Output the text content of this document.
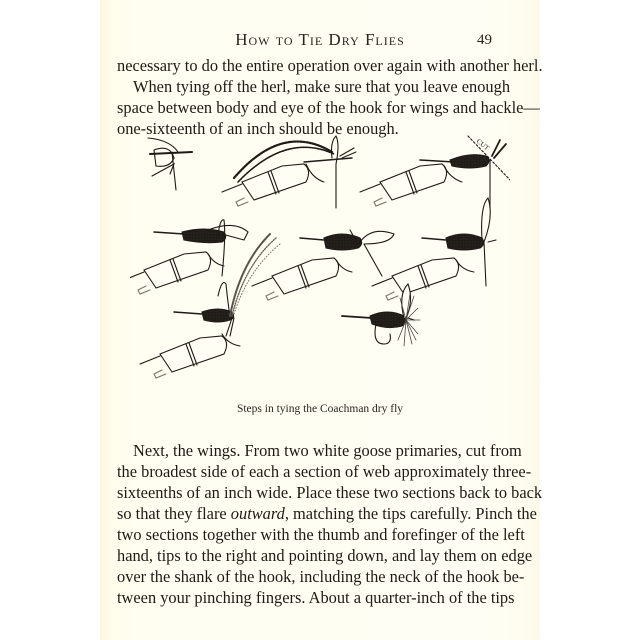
How to Tie Dry Flies	49
necessary to do the entire operation over again with another herl.
When tying off the herl, make sure that you leave enough
space between body and eye of the hook for wings and hackle—
one-sixteenth of an inch should be enough.
CUT
Steps in tying the Coachman dry fly
Next, the wings. From two white goose primaries, cut from
the broadest side of each a section of web approximately three-
sixteenths of an inch wide. Place these two sections back to back
so that they flare outward, matching the tips carefully. Pinch the
two sections together with the thumb and forefinger of the left
hand, tips to the right and pointing down, and lay them on edge
over the shank of the hook, including the neck of the hook be-
tween your pinching fingers. About a quarter-inch of the tips
